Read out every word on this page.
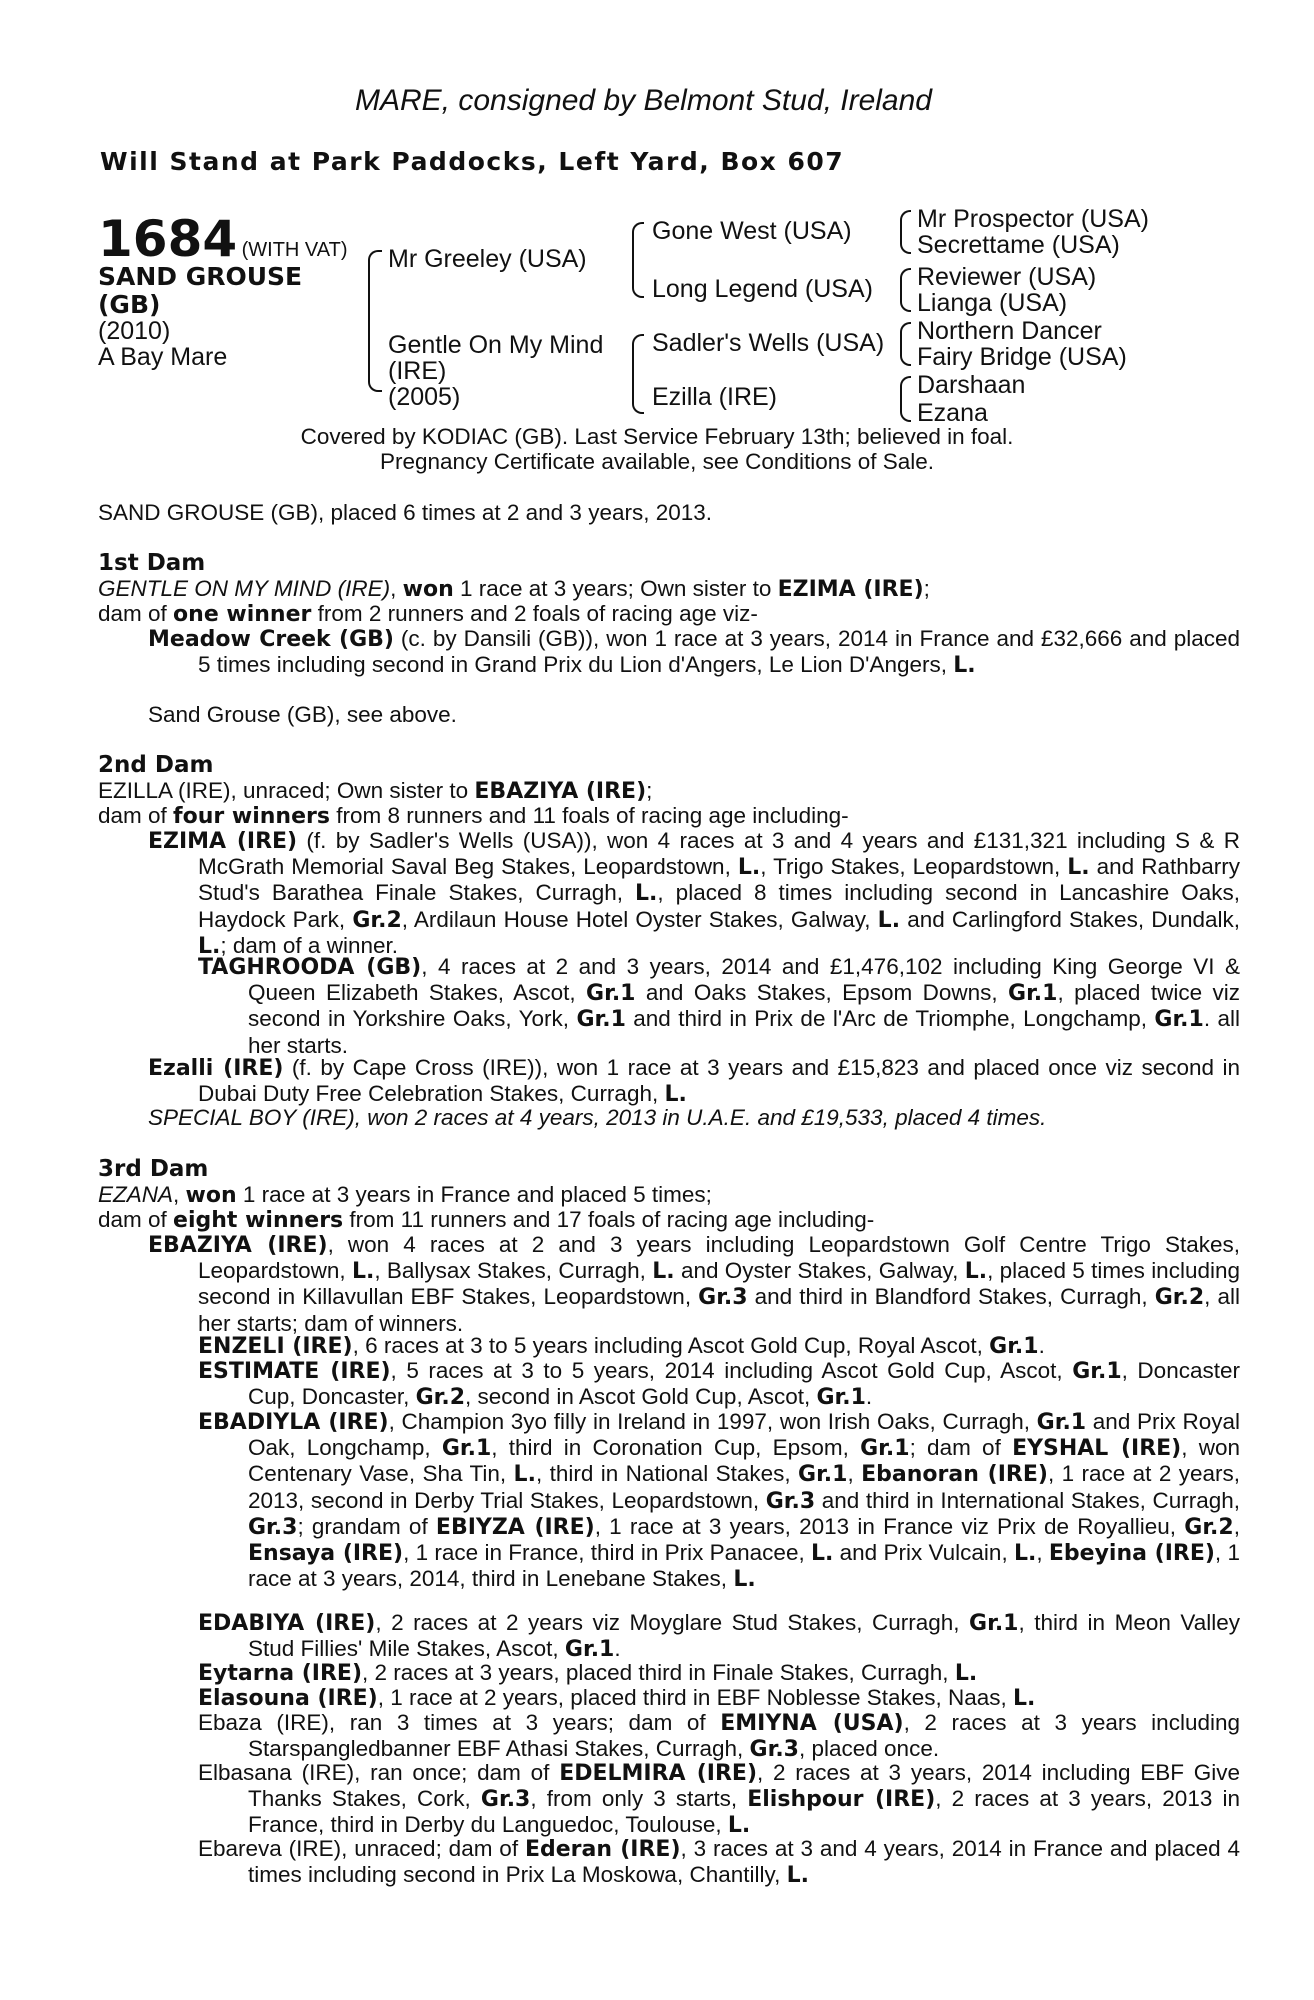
MARE, consigned by Belmont Stud, Ireland
Will Stand at Park Paddocks, Left Yard, Box 607
1684 (WITH VAT)
SAND GROUSE
(GB)
(2010)
A Bay Mare
Mr Greeley (USA)
Gentle On My Mind
(IRE)
(2005)
Gone West (USA)
Long Legend (USA)
Sadler's Wells (USA)
Ezilla (IRE)
Mr Prospector (USA)
Secrettame (USA)
Reviewer (USA)
Lianga (USA)
Northern Dancer
Fairy Bridge (USA)
Darshaan
Ezana
Covered by KODIAC (GB). Last Service February 13th; believed in foal.
Pregnancy Certificate available, see Conditions of Sale.
SAND GROUSE (GB), placed 6 times at 2 and 3 years, 2013.
1st Dam
GENTLE ON MY MIND (IRE), won 1 race at 3 years; Own sister to EZIMA (IRE);
dam of one winner from 2 runners and 2 foals of racing age viz-
Meadow Creek (GB) (c. by Dansili (GB)), won 1 race at 3 years, 2014 in France and £32,666 and placed 5 times including second in Grand Prix du Lion d'Angers, Le Lion D'Angers, L.
Sand Grouse (GB), see above.
2nd Dam
EZILLA (IRE), unraced; Own sister to EBAZIYA (IRE);
dam of four winners from 8 runners and 11 foals of racing age including-
EZIMA (IRE) (f. by Sadler's Wells (USA)), won 4 races at 3 and 4 years and £131,321 including S & R McGrath Memorial Saval Beg Stakes, Leopardstown, L., Trigo Stakes, Leopardstown, L. and Rathbarry Stud's Barathea Finale Stakes, Curragh, L., placed 8 times including second in Lancashire Oaks, Haydock Park, Gr.2, Ardilaun House Hotel Oyster Stakes, Galway, L. and Carlingford Stakes, Dundalk, L.; dam of a winner.
TAGHROODA (GB), 4 races at 2 and 3 years, 2014 and £1,476,102 including King George VI & Queen Elizabeth Stakes, Ascot, Gr.1 and Oaks Stakes, Epsom Downs, Gr.1, placed twice viz second in Yorkshire Oaks, York, Gr.1 and third in Prix de l'Arc de Triomphe, Longchamp, Gr.1. all her starts.
Ezalli (IRE) (f. by Cape Cross (IRE)), won 1 race at 3 years and £15,823 and placed once viz second in Dubai Duty Free Celebration Stakes, Curragh, L.
SPECIAL BOY (IRE), won 2 races at 4 years, 2013 in U.A.E. and £19,533, placed 4 times.
3rd Dam
EZANA, won 1 race at 3 years in France and placed 5 times;
dam of eight winners from 11 runners and 17 foals of racing age including-
EBAZIYA (IRE), won 4 races at 2 and 3 years including Leopardstown Golf Centre Trigo Stakes, Leopardstown, L., Ballysax Stakes, Curragh, L. and Oyster Stakes, Galway, L., placed 5 times including second in Killavullan EBF Stakes, Leopardstown, Gr.3 and third in Blandford Stakes, Curragh, Gr.2, all her starts; dam of winners.
ENZELI (IRE), 6 races at 3 to 5 years including Ascot Gold Cup, Royal Ascot, Gr.1.
ESTIMATE (IRE), 5 races at 3 to 5 years, 2014 including Ascot Gold Cup, Ascot, Gr.1, Doncaster Cup, Doncaster, Gr.2, second in Ascot Gold Cup, Ascot, Gr.1.
EBADIYLA (IRE), Champion 3yo filly in Ireland in 1997, won Irish Oaks, Curragh, Gr.1 and Prix Royal Oak, Longchamp, Gr.1, third in Coronation Cup, Epsom, Gr.1; dam of EYSHAL (IRE), won Centenary Vase, Sha Tin, L., third in National Stakes, Gr.1, Ebanoran (IRE), 1 race at 2 years, 2013, second in Derby Trial Stakes, Leopardstown, Gr.3 and third in International Stakes, Curragh, Gr.3; grandam of EBIYZA (IRE), 1 race at 3 years, 2013 in France viz Prix de Royallieu, Gr.2, Ensaya (IRE), 1 race in France, third in Prix Panacee, L. and Prix Vulcain, L., Ebeyina (IRE), 1 race at 3 years, 2014, third in Lenebane Stakes, L.
EDABIYA (IRE), 2 races at 2 years viz Moyglare Stud Stakes, Curragh, Gr.1, third in Meon Valley Stud Fillies' Mile Stakes, Ascot, Gr.1.
Eytarna (IRE), 2 races at 3 years, placed third in Finale Stakes, Curragh, L.
Elasouna (IRE), 1 race at 2 years, placed third in EBF Noblesse Stakes, Naas, L.
Ebaza (IRE), ran 3 times at 3 years; dam of EMIYNA (USA), 2 races at 3 years including Starspangledbanner EBF Athasi Stakes, Curragh, Gr.3, placed once.
Elbasana (IRE), ran once; dam of EDELMIRA (IRE), 2 races at 3 years, 2014 including EBF Give Thanks Stakes, Cork, Gr.3, from only 3 starts, Elishpour (IRE), 2 races at 3 years, 2013 in France, third in Derby du Languedoc, Toulouse, L.
Ebareva (IRE), unraced; dam of Ederan (IRE), 3 races at 3 and 4 years, 2014 in France and placed 4 times including second in Prix La Moskowa, Chantilly, L.
